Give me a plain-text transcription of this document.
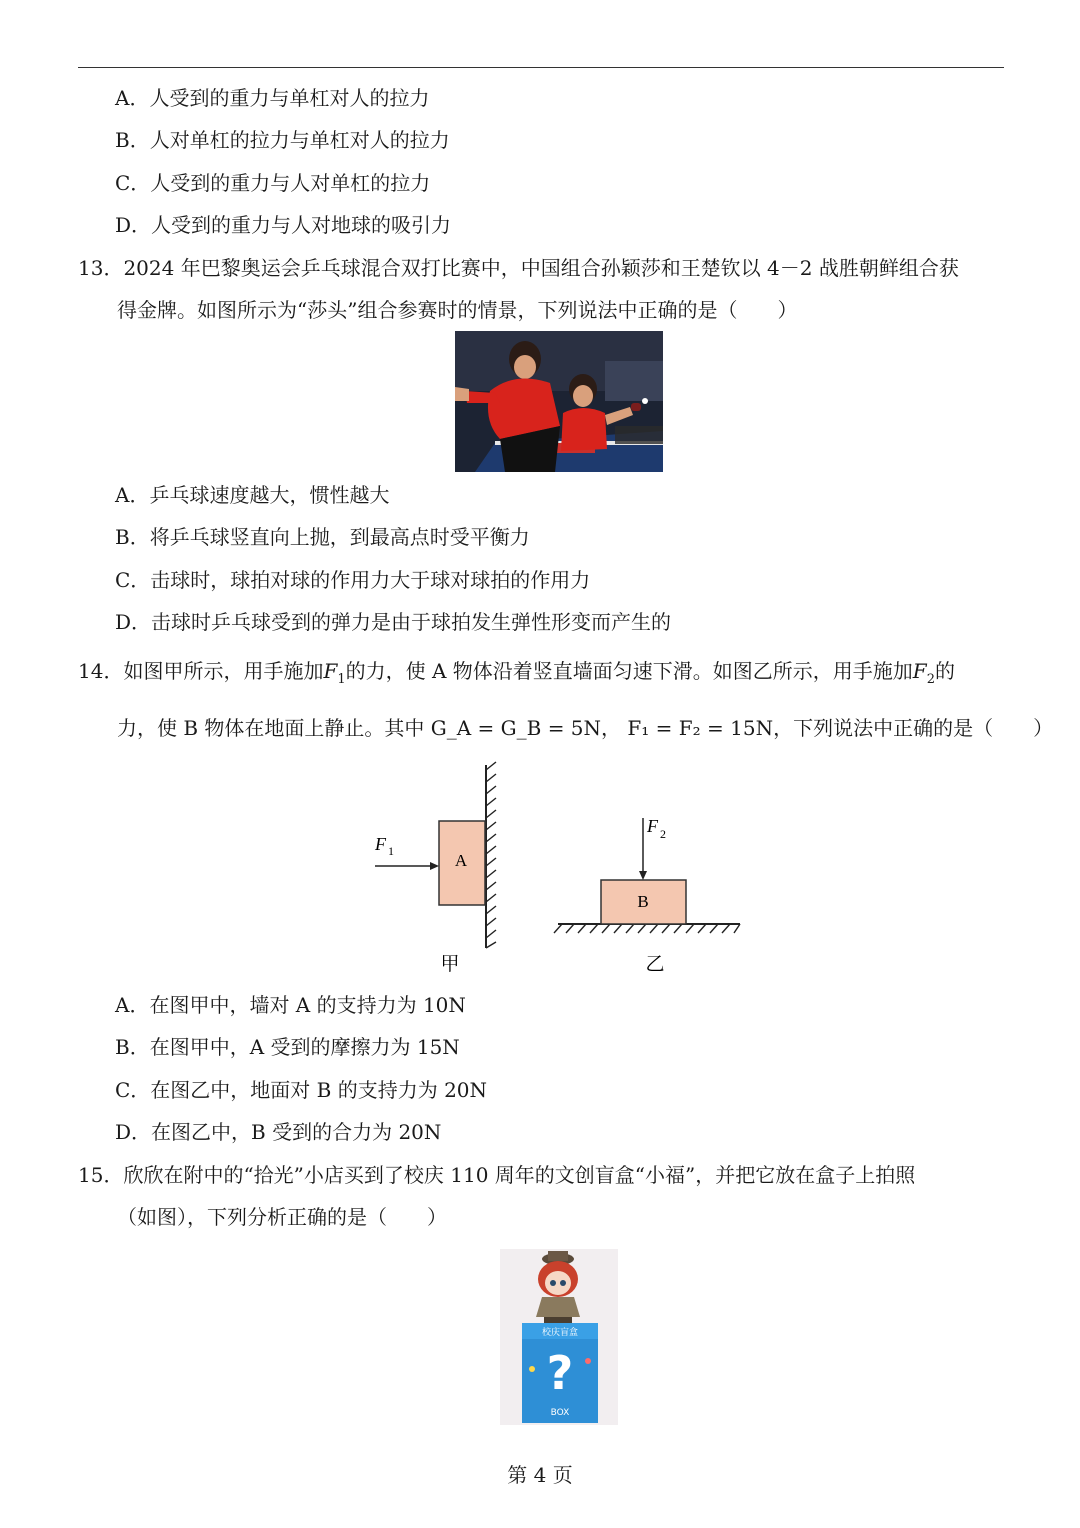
A．人受到的重力与单杠对人的拉力
B．人对单杠的拉力与单杠对人的拉力
C．人受到的重力与人对单杠的拉力
D．人受到的重力与人对地球的吸引力
13．2024 年巴黎奥运会乒乓球混合双打比赛中，中国组合孙颖莎和王楚钦以 4－2 战胜朝鲜组合获
得金牌。如图所示为“莎头”组合参赛时的情景，下列说法中正确的是（　　）
A．乒乓球速度越大，惯性越大
B．将乒乓球竖直向上抛，到最高点时受平衡力
C．击球时，球拍对球的作用力大于球对球拍的作用力
D．击球时乒乓球受到的弹力是由于球拍发生弹性形变而产生的
14．如图甲所示，用手施加$F_1$的力，使 A 物体沿着竖直墙面匀速下滑。如图乙所示，用手施加$F_2$的
力，使 B 物体在地面上静止。其中 G_A = G_B = 5N， F₁ = F₂ = 15N，下列说法中正确的是（　　）
A
F 1
甲
B
F 2
乙
A．在图甲中，墙对 A 的支持力为 10N
B．在图甲中，A 受到的摩擦力为 15N
C．在图乙中，地面对 B 的支持力为 20N
D．在图乙中，B 受到的合力为 20N
15．欣欣在附中的“拾光”小店买到了校庆 110 周年的文创盲盒“小福”，并把它放在盒子上拍照
（如图），下列分析正确的是（　　）
校庆盲盒
?
BOX
第 4 页
